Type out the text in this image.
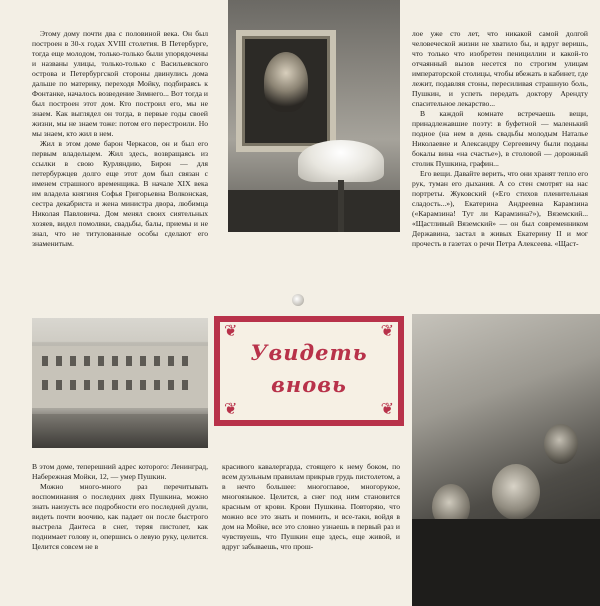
Этому дому почти два с половиной века. Он был построен в 30-х годах XVIII столетия. В Петербурге, тогда еще молодом, только-только были упорядочены и названы улицы, только-только с Васильевского острова и Петербургской стороны двинулись дома дальше по материку, переходя Мойку, подбираясь к Фонтанке, началось возведение Зимнего... Вот тогда и был построен этот дом. Кто построил его, мы не знаем. Как выглядел он тогда, в первые годы своей жизни, мы не знаем тоже: потом его перестроили. Но мы знаем, кто жил в нем.

Жил в этом доме барон Черкасов, он и был его первым владельцем. Жил здесь, возвращаясь из ссылки в свою Курляндию, Бирон — для петербуржцев долго еще этот дом был связан с именем страшного временщика. В начале XIX века им владела княгиня Софья Григорьевна Волконская, сестра декабриста и жена министра двора, любимца Николая Павловича. Дом менял своих сиятельных хозяев, видел помолвки, свадьбы, балы, приемы и не знал, что не титулованные особы сделают его знаменитым.

лое уже сто лет, что никакой самой долгой человеческой жизни не хватило бы, и вдруг веришь, что только что изобретен пенициллин и какой-то отчаянный вызов несется по строгим улицам императорской столицы, чтобы вбежать в кабинет, где лежит, подавляя стоны, пересиливая страшную боль, Пушкин, и успеть передать доктору Арендту спасительное лекарство...

В каждой комнате встречаешь вещи, принадлежавшие поэту: в буфетной — маленький подное (на нем в день свадьбы молодым Наталье Николаевне и Александру Сергеевичу были поданы бокалы вина «на счастье»), в столовой — дорожный столик Пушкина, графин...

Его вещи. Давайте верить, что они хранят тепло его рук, туман его дыхания. А со стен смотрят на нас портреты. Жуковский («Его стихов пленительная сладость...»), Екатерина Андреевна Карамзина («Карамзина! Тут ли Карамзина?»), Вяземский... «Щастливый Вяземский» — он был современником Державина, застал в живых Екатерину II и мог прочесть в газетах о речи Петра Алексеева. «Щаст-

❦	❦
❦	❦
Увидеть
вновь

В этом доме, теперешний адрес которого: Ленинград, Набережная Мойки, 12, — умер Пушкин.

Можно много-много раз перечитывать воспоминания о последних днях Пушкина, можно знать наизусть все подробности его последней дуэли, видеть почти воочию, как падает он после быстрого выстрела Дантеса в снег, теряя пистолет, как поднимает голову и, опершись о левую руку, целится. Целится совсем не в

красивого кавалергарда, стоящего к нему боком, по всем дуэльным правилам прикрыв грудь пистолетом, а в нечто большее: многоглавое, многорукое, многоязыкое. Целится, а снег под ним становится красным от крови. Крови Пушкина. Повторяю, что можно все это знать и помнить, и все-таки, войдя в дом на Мойке, все это словно узнаешь в первый раз и чувствуешь, что Пушкин еще здесь, еще живой, и вдруг забываешь, что прош-
